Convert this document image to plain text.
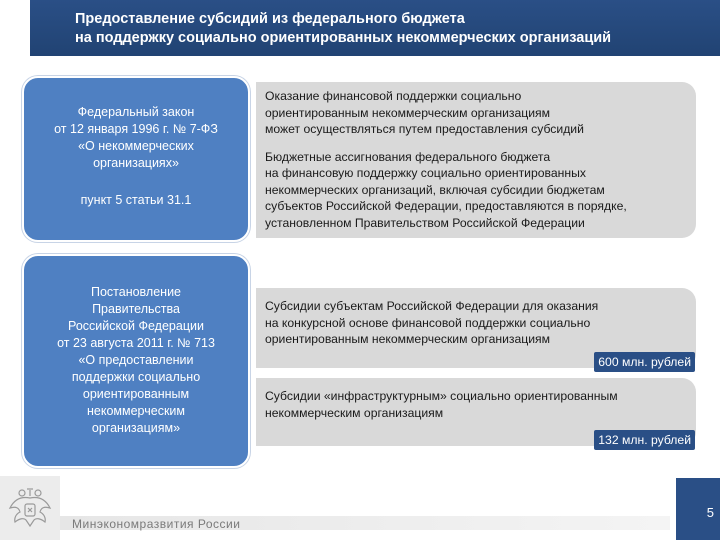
Предоставление субсидий из федерального бюджета
на поддержку социально ориентированных некоммерческих организаций
Федеральный закон
от 12 января 1996 г. № 7-ФЗ
«О некоммерческих
организациях»
пункт 5 статьи 31.1
Постановление
Правительства
Российской Федерации
от 23 августа 2011 г. № 713
«О предоставлении
поддержки социально
ориентированным
некоммерческим
организациям»
Оказание финансовой поддержки социально
ориентированным некоммерческим организациям
может осуществляться путем предоставления субсидий
Бюджетные ассигнования федерального бюджета
на финансовую поддержку социально ориентированных
некоммерческих организаций, включая субсидии бюджетам
субъектов Российской Федерации, предоставляются в порядке,
установленном Правительством Российской Федерации
Субсидии субъектам Российской Федерации для оказания
на конкурсной основе финансовой поддержки социально
ориентированным некоммерческим организациям
600 млн. рублей
Субсидии «инфраструктурным» социально ориентированным
некоммерческим организациям
132 млн. рублей
Минэкономразвития России
5
